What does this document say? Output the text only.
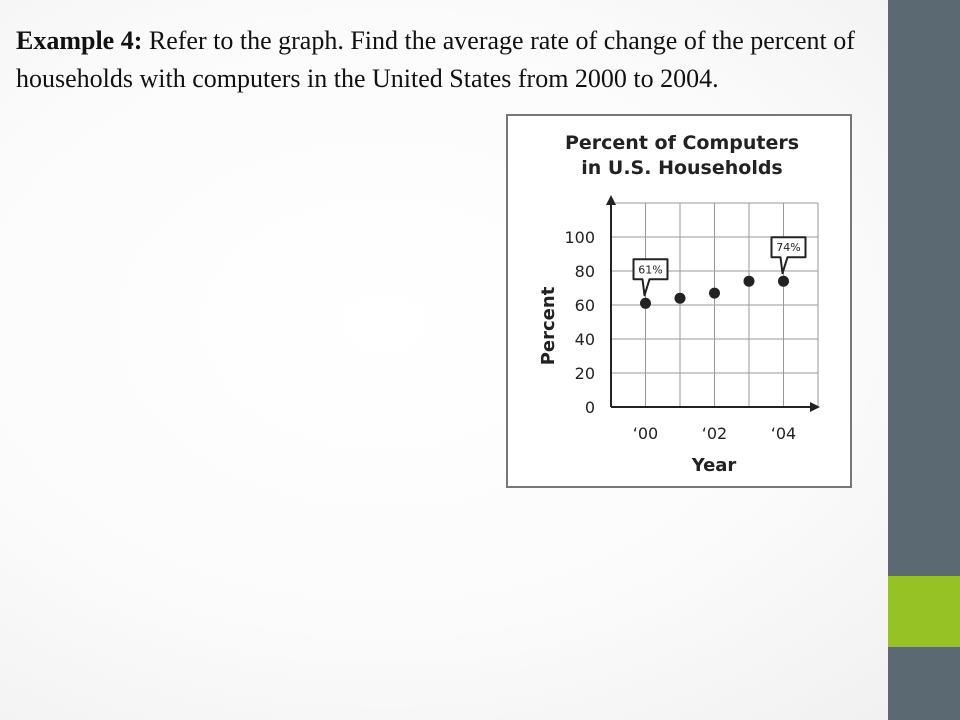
Example 4: Refer to the graph. Find the average rate of change of the percent of households with computers in the United States from 2000 to 2004.

Percent of Computers
in U.S. Households
0
20
40
60
80
100
‘00	‘02	‘04
61%
74%
Year
Percent
